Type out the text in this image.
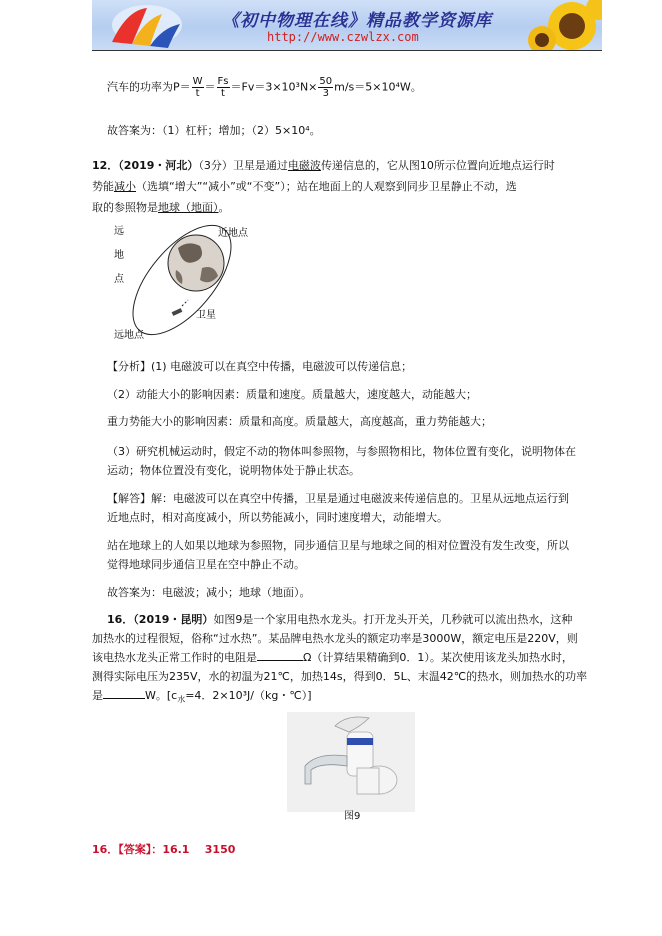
《初中物理在线》精品教学资源库
http://www.czwlzx.com
汽车的功率为$P= \frac{W}{t} = \frac{Fs}{t} =Fv=3\times 10^3N\times \frac{50}{3} m/s=5\times 10^4W$。
故答案为：（1）杠杆；增加；（2）5×10⁴。
12．（2019・河北）（3分）卫星是通过电磁波传递信息的，它从图10所示位置向近地点运行时
势能减小（选填“增大”“减小”或“不变”）；站在地面上的人观察到同步卫星静止不动，选
取的参照物是地球（地面）。
远
地
点
近地点
远地点
卫星
【分析】(1) 电磁波可以在真空中传播，电磁波可以传递信息；
（2）动能大小的影响因素：质量和速度。质量越大，速度越大，动能越大；
重力势能大小的影响因素：质量和高度。质量越大，高度越高，重力势能越大；
（3）研究机械运动时，假定不动的物体叫参照物，与参照物相比，物体位置有变化，说明物体在
运动；物体位置没有变化，说明物体处于静止状态。
【解答】解：电磁波可以在真空中传播，卫星是通过电磁波来传递信息的。卫星从远地点运行到
近地点时，相对高度减小，所以势能减小，同时速度增大，动能增大。
站在地球上的人如果以地球为参照物，同步通信卫星与地球之间的相对位置没有发生改变，所以
觉得地球同步通信卫星在空中静止不动。
故答案为：电磁波；减小；地球（地面）。
16．（2019・昆明）如图9是一个家用电热水龙头。打开龙头开关，几秒就可以流出热水，这种
加热水的过程很短，俗称“过水热”。某品牌电热水龙头的额定功率是3000W，额定电压是220V，则
该电热水龙头正常工作时的电阻是	Ω（计算结果精确到0．1）。某次使用该龙头加热水时，
测得实际电压为235V，水的初温为21℃，加热14s，得到0．5L、末温42℃的热水，则加热水的功率
是	W。[$c_水=4$．2×10³J/（kg・℃）]
图9
16．【答案】：16.1    3150
